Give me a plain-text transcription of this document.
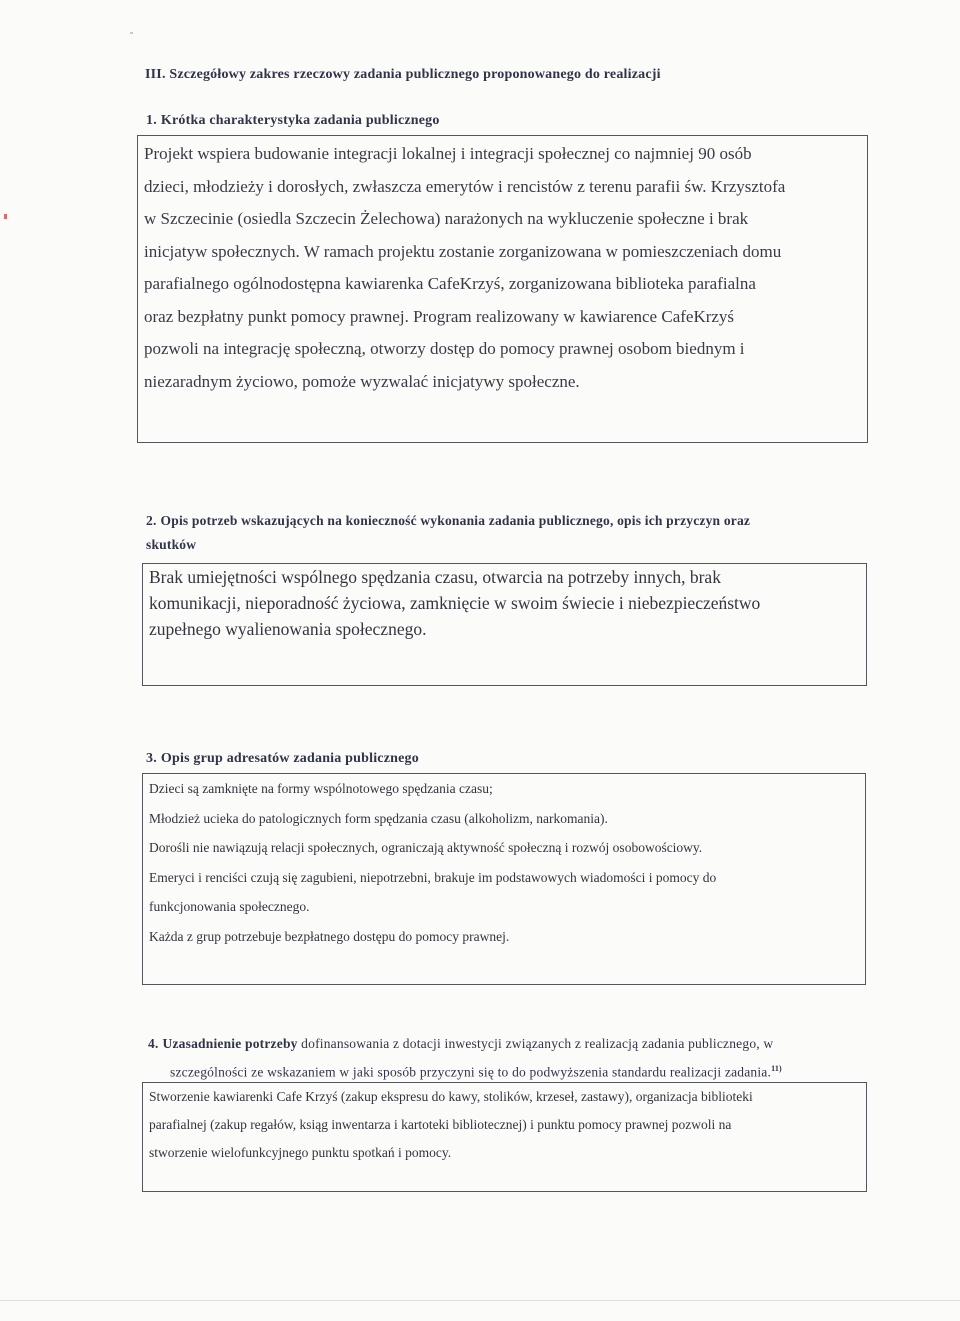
III. Szczegółowy zakres rzeczowy zadania publicznego proponowanego do realizacji
1. Krótka charakterystyka zadania publicznego

Projekt wspiera budowanie integracji lokalnej i integracji społecznej co najmniej 90 osób

dzieci, młodzieży i dorosłych, zwłaszcza emerytów i rencistów z terenu parafii św. Krzysztofa

w Szczecinie (osiedla Szczecin Żelechowa) narażonych na wykluczenie społeczne i brak

inicjatyw społecznych. W ramach projektu zostanie zorganizowana w pomieszczeniach domu

parafialnego ogólnodostępna kawiarenka CafeKrzyś, zorganizowana biblioteka parafialna

oraz bezpłatny punkt pomocy prawnej. Program realizowany w kawiarence CafeKrzyś

pozwoli na integrację społeczną, otworzy dostęp do pomocy prawnej osobom biednym i

niezaradnym życiowo, pomoże wyzwalać inicjatywy społeczne.

2. Opis potrzeb wskazujących na konieczność wykonania zadania publicznego, opis ich przyczyn oraz
skutków

Brak umiejętności wspólnego spędzania czasu, otwarcia na potrzeby innych, brak

komunikacji, nieporadność życiowa, zamknięcie w swoim świecie i niebezpieczeństwo

zupełnego wyalienowania społecznego.

3. Opis grup adresatów zadania publicznego

Dzieci są zamknięte na formy wspólnotowego spędzania czasu;

Młodzież ucieka do patologicznych form spędzania czasu (alkoholizm, narkomania).

Dorośli nie nawiązują relacji społecznych, ograniczają aktywność społeczną i rozwój osobowościowy.

Emeryci i renciści czują się zagubieni, niepotrzebni, brakuje im podstawowych wiadomości i pomocy do

funkcjonowania społecznego.

Każda z grup potrzebuje bezpłatnego dostępu do pomocy prawnej.

4. Uzasadnienie potrzeby dofinansowania z dotacji inwestycji związanych z realizacją zadania publicznego, w
szczególności ze wskazaniem w jaki sposób przyczyni się to do podwyższenia standardu realizacji zadania.$^{11)}$

Stworzenie kawiarenki Cafe Krzyś (zakup ekspresu do kawy, stolików, krzeseł, zastawy), organizacja biblioteki

parafialnej (zakup regałów, ksiąg inwentarza i kartoteki bibliotecznej) i punktu pomocy prawnej pozwoli na

stworzenie wielofunkcyjnego punktu spotkań i pomocy.
